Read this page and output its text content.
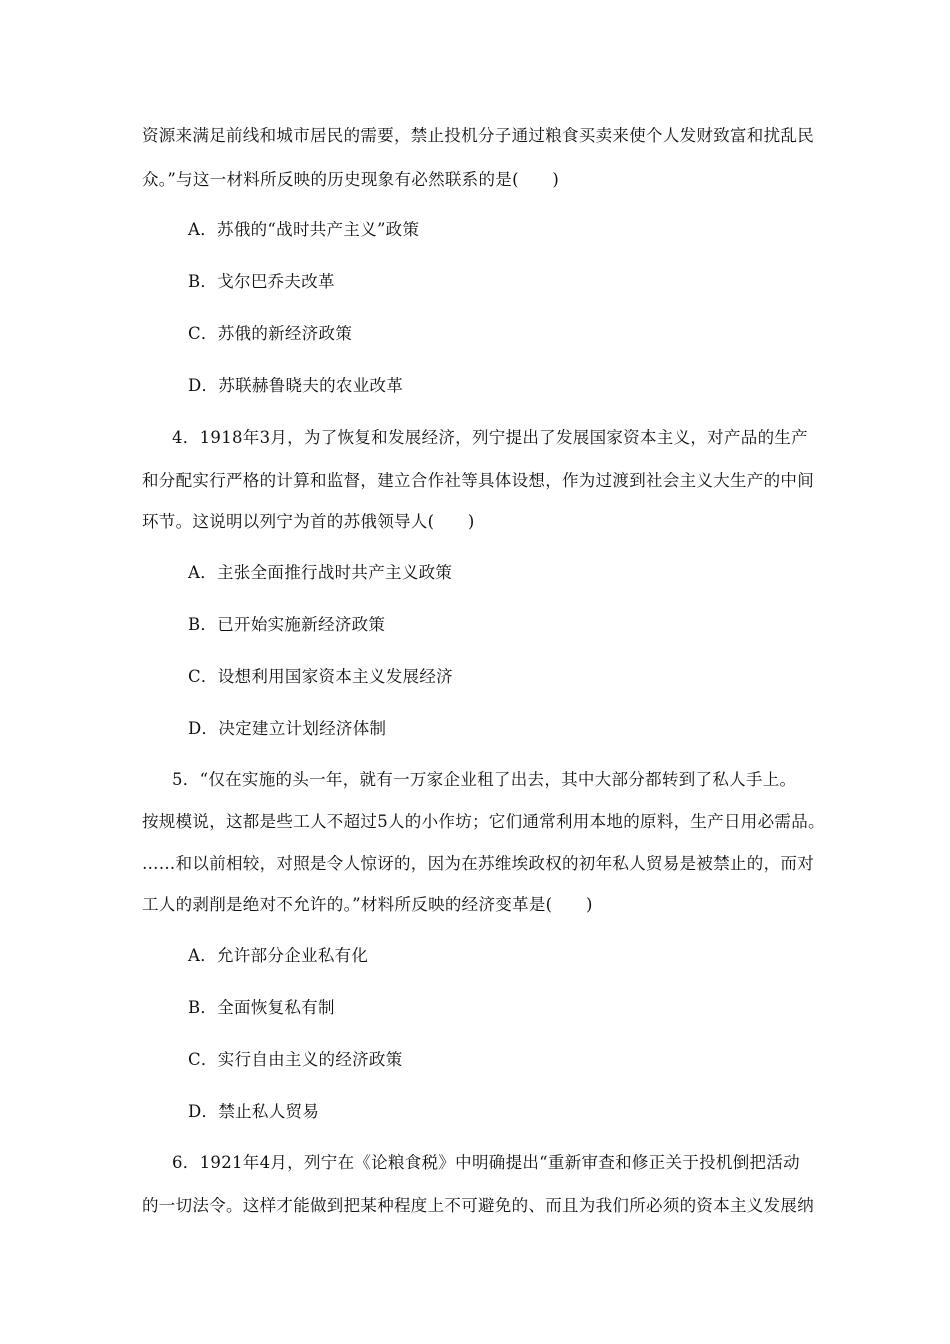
资源来满足前线和城市居民的需要，禁止投机分子通过粮食买卖来使个人发财致富和扰乱民
众。”与这一材料所反映的历史现象有必然联系的是(　　)
A．苏俄的“战时共产主义”政策
B．戈尔巴乔夫改革
C．苏俄的新经济政策
D．苏联赫鲁晓夫的农业改革
4．1918年3月，为了恢复和发展经济，列宁提出了发展国家资本主义，对产品的生产
和分配实行严格的计算和监督，建立合作社等具体设想，作为过渡到社会主义大生产的中间
环节。这说明以列宁为首的苏俄领导人(　　)
A．主张全面推行战时共产主义政策
B．已开始实施新经济政策
C．设想利用国家资本主义发展经济
D．决定建立计划经济体制
5．“仅在实施的头一年，就有一万家企业租了出去，其中大部分都转到了私人手上。
按规模说，这都是些工人不超过5人的小作坊；它们通常利用本地的原料，生产日用必需品。
……和以前相较，对照是令人惊讶的，因为在苏维埃政权的初年私人贸易是被禁止的，而对
工人的剥削是绝对不允许的。”材料所反映的经济变革是(　　)
A．允许部分企业私有化
B．全面恢复私有制
C．实行自由主义的经济政策
D．禁止私人贸易
6．1921年4月，列宁在《论粮食税》中明确提出“重新审查和修正关于投机倒把活动
的一切法令。这样才能做到把某种程度上不可避免的、而且为我们所必须的资本主义发展纳
